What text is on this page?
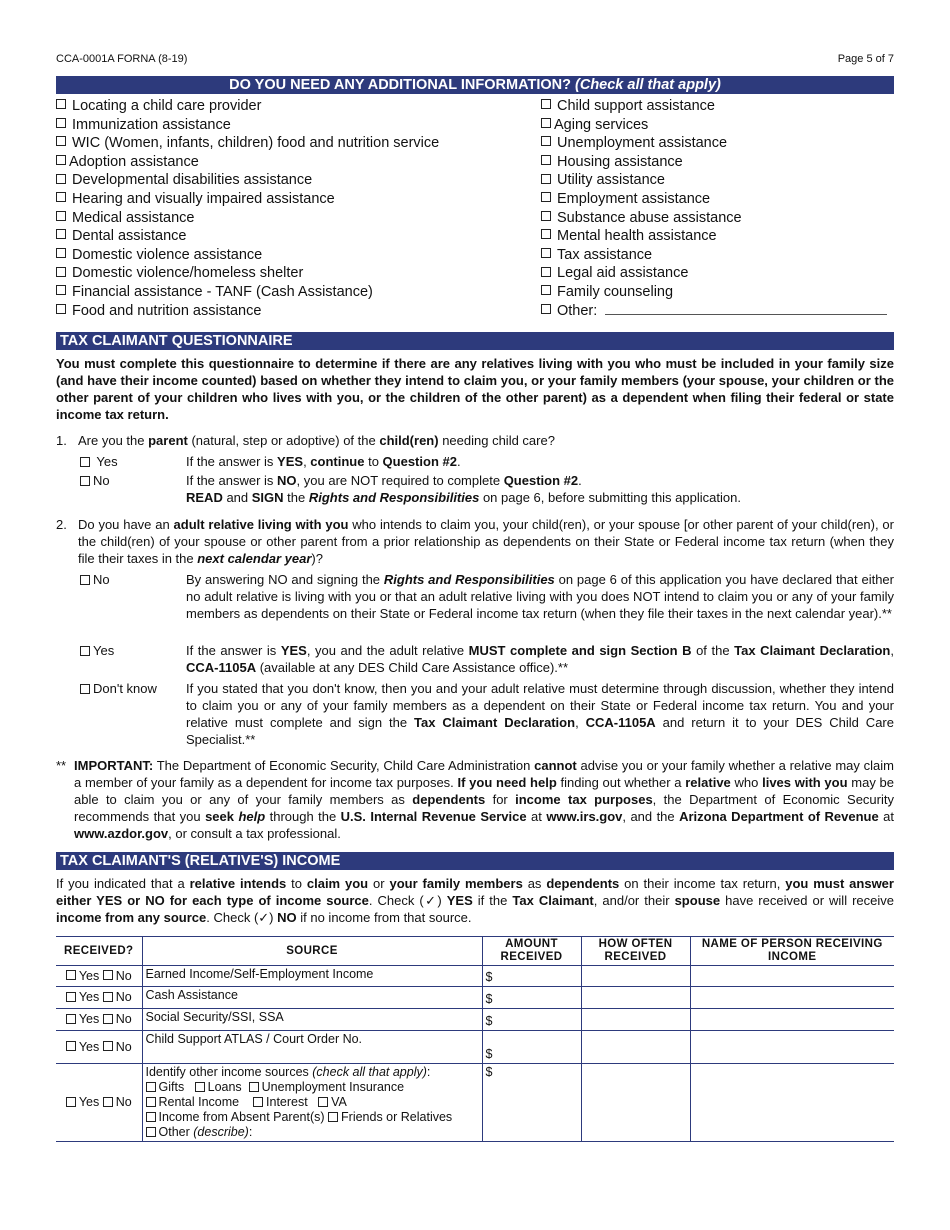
CCA-0001A FORNA (8-19)	Page 5 of 7
DO YOU NEED ANY ADDITIONAL INFORMATION? (Check all that apply)
Locating a child care provider
Immunization assistance
WIC (Women, infants, children) food and nutrition service
Adoption assistance
Developmental disabilities assistance
Hearing and visually impaired assistance
Medical assistance
Dental assistance
Domestic violence assistance
Domestic violence/homeless shelter
Financial assistance - TANF (Cash Assistance)
Food and nutrition assistance
Child support assistance
Aging services
Unemployment assistance
Housing assistance
Utility assistance
Employment assistance
Substance abuse assistance
Mental health assistance
Tax assistance
Legal aid assistance
Family counseling
Other:
TAX CLAIMANT QUESTIONNAIRE
You must complete this questionnaire to determine if there are any relatives living with you who must be included in your family size (and have their income counted) based on whether they intend to claim you, or your family members (your spouse, your children or the other parent of your children who lives with you, or the children of the other parent) as a dependent when filing their federal or state income tax return.
1. Are you the parent (natural, step or adoptive) of the child(ren) needing child care?
Yes	If the answer is YES, continue to Question #2.
No	If the answer is NO, you are NOT required to complete Question #2.
READ and SIGN the Rights and Responsibilities on page 6, before submitting this application.
2. Do you have an adult relative living with you who intends to claim you, your child(ren), or your spouse [or other parent of your child(ren), or the child(ren) of your spouse or other parent from a prior relationship as dependents on their State or Federal income tax return (when they file their taxes in the next calendar year)?
No	By answering NO and signing the Rights and Responsibilities on page 6 of this application you have declared that either no adult relative is living with you or that an adult relative living with you does NOT intend to claim you or any of your family members as dependents on their State or Federal income tax return (when they file their taxes in the next calendar year).**
Yes	If the answer is YES, you and the adult relative MUST complete and sign Section B of the Tax Claimant Declaration, CCA-1105A (available at any DES Child Care Assistance office).**
Don't know If you stated that you don't know, then you and your adult relative must determine through discussion, whether they intend to claim you or any of your family members as a dependent on their State or Federal income tax return. You and your relative must complete and sign the Tax Claimant Declaration, CCA-1105A and return it to your DES Child Care Specialist.**
** IMPORTANT: The Department of Economic Security, Child Care Administration cannot advise you or your family whether a relative may claim a member of your family as a dependent for income tax purposes. If you need help finding out whether a relative who lives with you may be able to claim you or any of your family members as dependents for income tax purposes, the Department of Economic Security recommends that you seek help through the U.S. Internal Revenue Service at www.irs.gov, and the Arizona Department of Revenue at www.azdor.gov, or consult a tax professional.
TAX CLAIMANT'S (RELATIVE'S) INCOME
If you indicated that a relative intends to claim you or your family members as dependents on their income tax return, you must answer either YES or NO for each type of income source. Check (✓) YES if the Tax Claimant, and/or their spouse have received or will receive income from any source. Check (✓) NO if no income from that source.
RECEIVED?	SOURCE	AMOUNT RECEIVED	HOW OFTEN RECEIVED	NAME OF PERSON RECEIVING INCOME
Yes No	Earned Income/Self-Employment Income	$		
Yes No	Cash Assistance	$		
Yes No	Social Security/SSI, SSA	$		
Yes No	Child Support ATLAS / Court Order No.	$		
Yes No	Identify other income sources (check all that apply):
Gifts Loans Unemployment Insurance
Rental Income Interest VA
Income from Absent Parent(s) Friends or Relatives
Other (describe):	$		
